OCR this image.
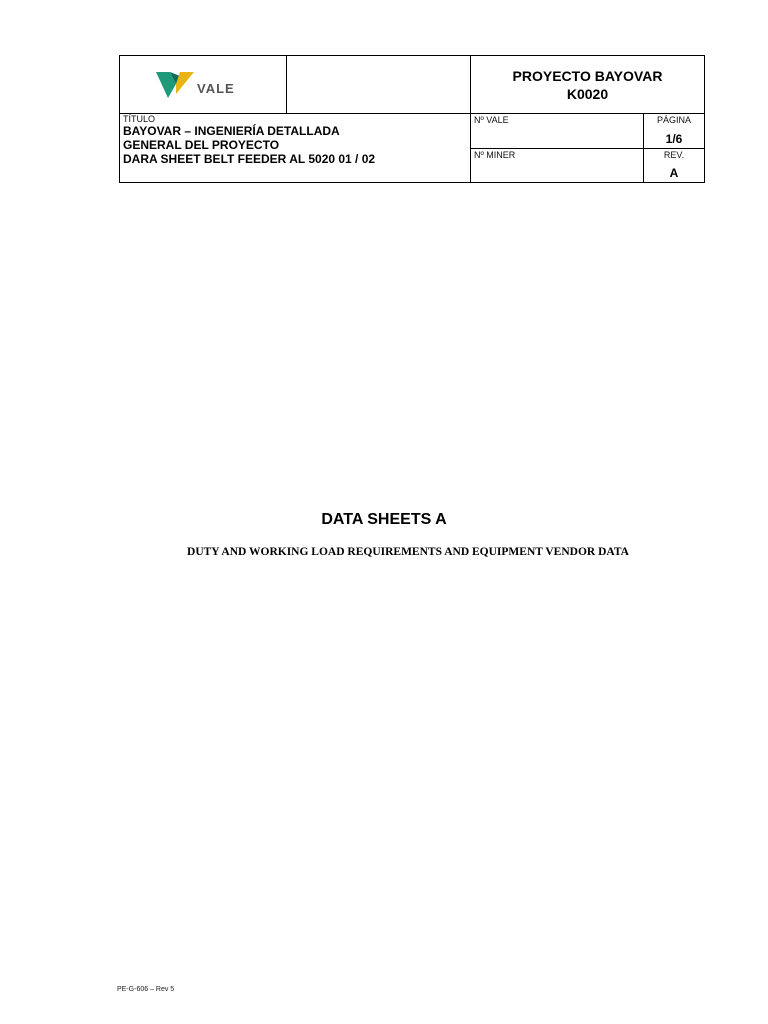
VALE
PROYECTO BAYOVAR
K0020
TÍTULO
BAYOVAR – INGENIERÍA DETALLADA
GENERAL DEL PROYECTO
DARA SHEET BELT FEEDER AL 5020 01 / 02
Nº VALE	PÁGINA
1/6
Nº MINER	REV.
A
DATA SHEETS A
DUTY AND WORKING LOAD REQUIREMENTS AND EQUIPMENT VENDOR DATA
PE-G-606 – Rev 5
